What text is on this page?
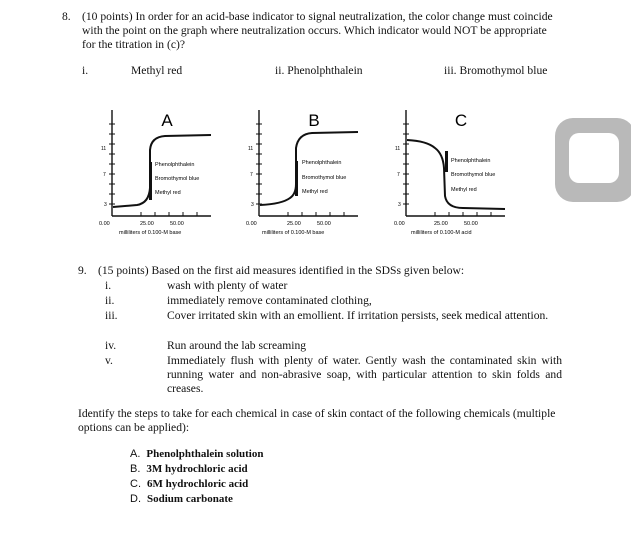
8. (10 points) In order for an acid-base indicator to signal neutralization, the color change must coincide with the point on the graph where neutralization occurs. Which indicator would NOT be appropriate for the titration in (c)?
i.	Methyl red	ii. Phenolphthalein	iii. Bromothymol blue
A
11
7
3
Phenolphthalein
Bromothymol blue
Methyl red
0.00	25.00	50.00
milliliters of 0.100-M base
B
11
7
3
Phenolphthalein
Bromothymol blue
Methyl red
0.00	25.00	50.00
milliliters of 0.100-M base
C
11
7
3
Phenolphthalein
Bromothymol blue
Methyl red
0.00	25.00	50.00
milliliters of 0.100-M acid
9. (15 points) Based on the first aid measures identified in the SDSs given below:
i.	wash with plenty of water
ii.	immediately remove contaminated clothing,
iii.	Cover irritated skin with an emollient. If irritation persists, seek medical attention.
iv.	Run around the lab screaming
v.	Immediately flush with plenty of water. Gently wash the contaminated skin with running water and non-abrasive soap, with particular attention to skin folds and creases.
Identify the steps to take for each chemical in case of skin contact of the following chemicals (multiple options can be applied):
A. Phenolphthalein solution
B. 3M hydrochloric acid
C. 6M hydrochloric acid
D. Sodium carbonate
